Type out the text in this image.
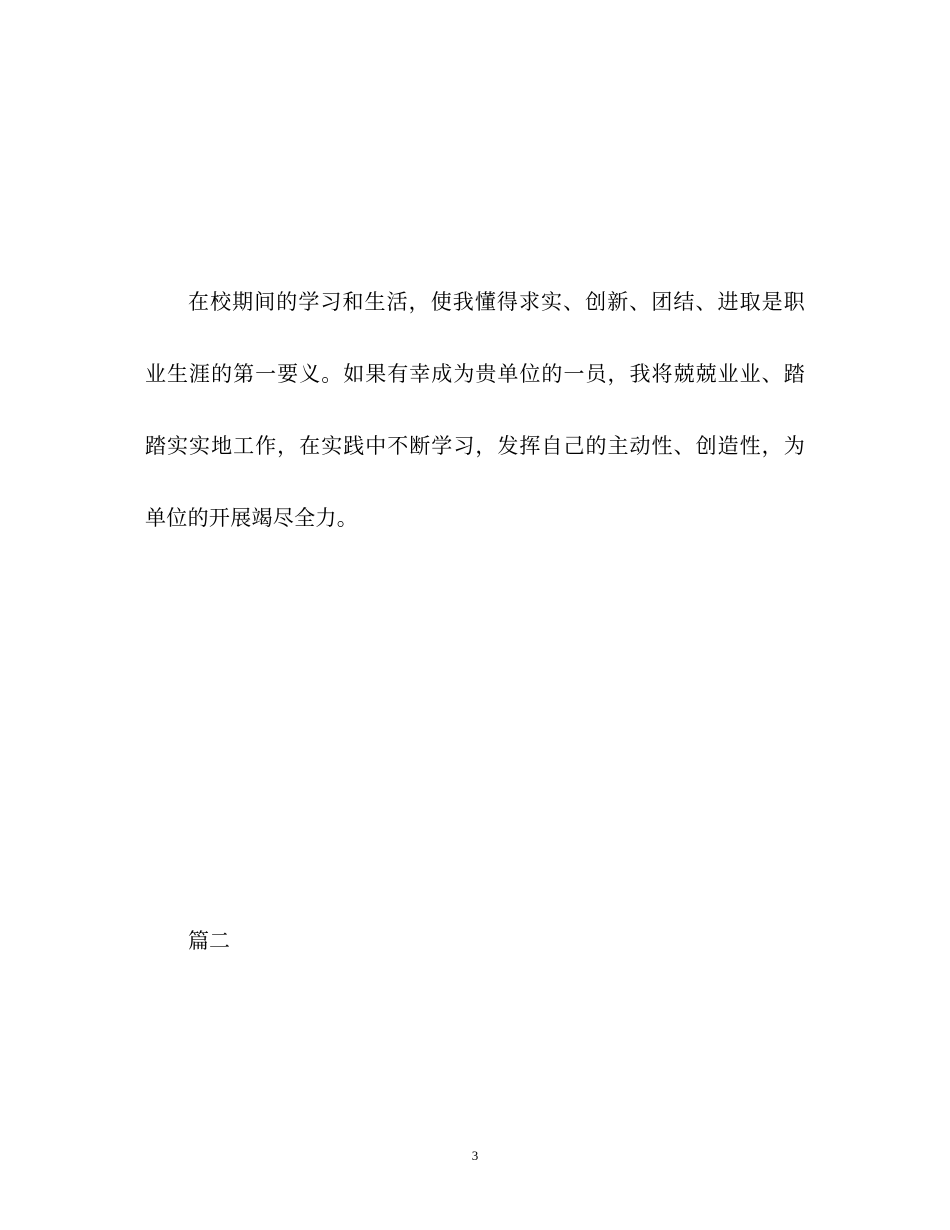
在校期间的学习和生活，使我懂得求实、创新、团结、进取是职业生涯的第一要义。如果有幸成为贵单位的一员，我将兢兢业业、踏踏实实地工作，在实践中不断学习，发挥自己的主动性、创造性，为单位的开展竭尽全力。

篇二
3
